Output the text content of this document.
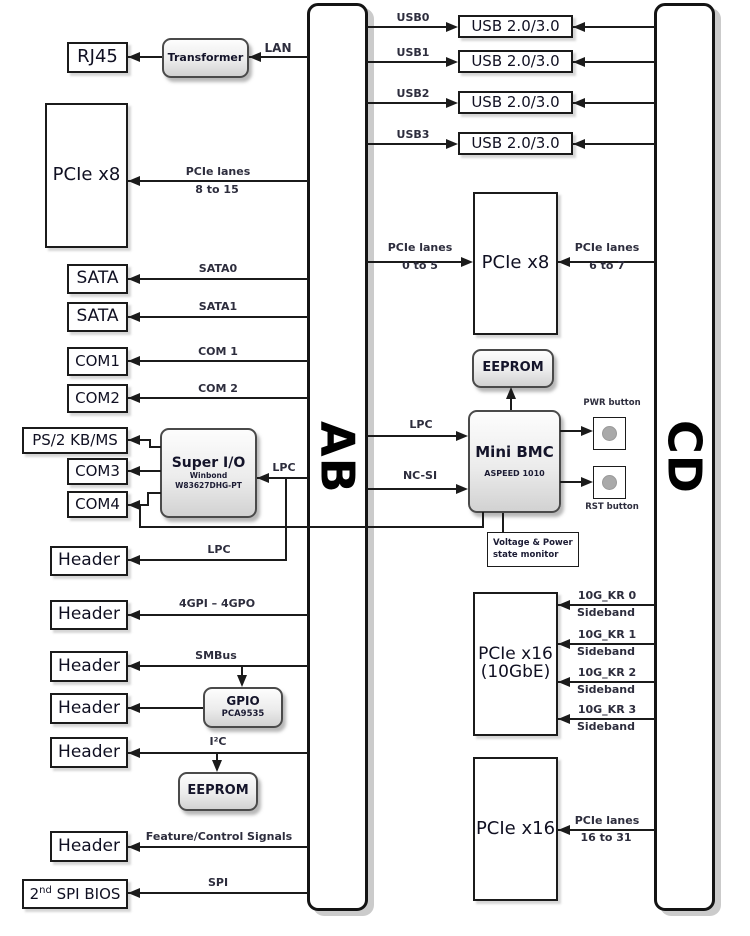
AB	CD
RJ45
PCIe x8
SATA
SATA
COM1
COM2
PS/2 KB/MS
COM3
COM4
Header
Header
Header
Header
Header
Header
2nd SPI BIOS
Transformer
Super I/O
Winbond
W83627DHG-PT
GPIO
PCA9535
EEPROM
EEPROM
Mini BMC
ASPEED 1010
USB 2.0/3.0
USB 2.0/3.0
USB 2.0/3.0
USB 2.0/3.0
PCIe x8
Voltage & Power
state monitor
PCIe x16
(10GbE)
PCIe x16
LAN
PCIe lanes
8 to 15
SATA0
SATA1
COM 1
COM 2
LPC
LPC
4GPI – 4GPO
SMBus
I²C
Feature/Control Signals
SPI
USB0
USB1
USB2
USB3
PCIe lanes
0 to 5
PCIe lanes
6 to 7
LPC
NC-SI
PWR button
RST button
10G_KR 0
Sideband
10G_KR 1
Sideband
10G_KR 2
Sideband
10G_KR 3
Sideband
PCIe lanes
16 to 31
